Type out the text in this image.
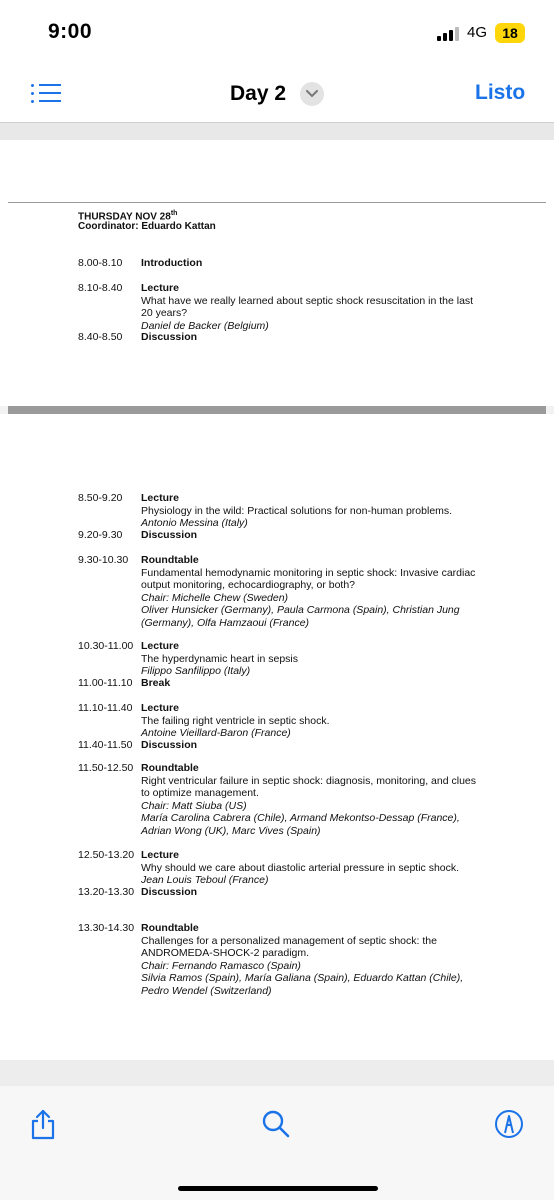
9:00	4G	18
Day 2	Listo
THURSDAY NOV 28th
Coordinator: Eduardo Kattan
8.00-8.10	Introduction
8.10-8.40	Lecture
What have we really learned about septic shock resuscitation in the last 20 years?
Daniel de Backer (Belgium)
8.40-8.50	Discussion
8.50-9.20	Lecture
Physiology in the wild: Practical solutions for non-human problems.
Antonio Messina (Italy)
9.20-9.30	Discussion
9.30-10.30	Roundtable
Fundamental hemodynamic monitoring in septic shock: Invasive cardiac output monitoring, echocardiography, or both?
Chair: Michelle Chew (Sweden)
Oliver Hunsicker (Germany), Paula Carmona (Spain), Christian Jung (Germany), Olfa Hamzaoui (France)
10.30-11.00 Lecture
The hyperdynamic heart in sepsis
Filippo Sanfilippo (Italy)
11.00-11.10 Break
11.10-11.40 Lecture
The failing right ventricle in septic shock.
Antoine Vieillard-Baron (France)
11.40-11.50 Discussion
11.50-12.50 Roundtable
Right ventricular failure in septic shock: diagnosis, monitoring, and clues to optimize management.
Chair: Matt Siuba (US)
María Carolina Cabrera (Chile), Armand Mekontso-Dessap (France), Adrian Wong (UK), Marc Vives (Spain)
12.50-13.20 Lecture
Why should we care about diastolic arterial pressure in septic shock.
Jean Louis Teboul (France)
13.20-13.30 Discussion
13.30-14.30 Roundtable
Challenges for a personalized management of septic shock: the ANDROMEDA-SHOCK-2 paradigm.
Chair: Fernando Ramasco (Spain)
Silvia Ramos (Spain), María Galiana (Spain), Eduardo Kattan (Chile), Pedro Wendel (Switzerland)
